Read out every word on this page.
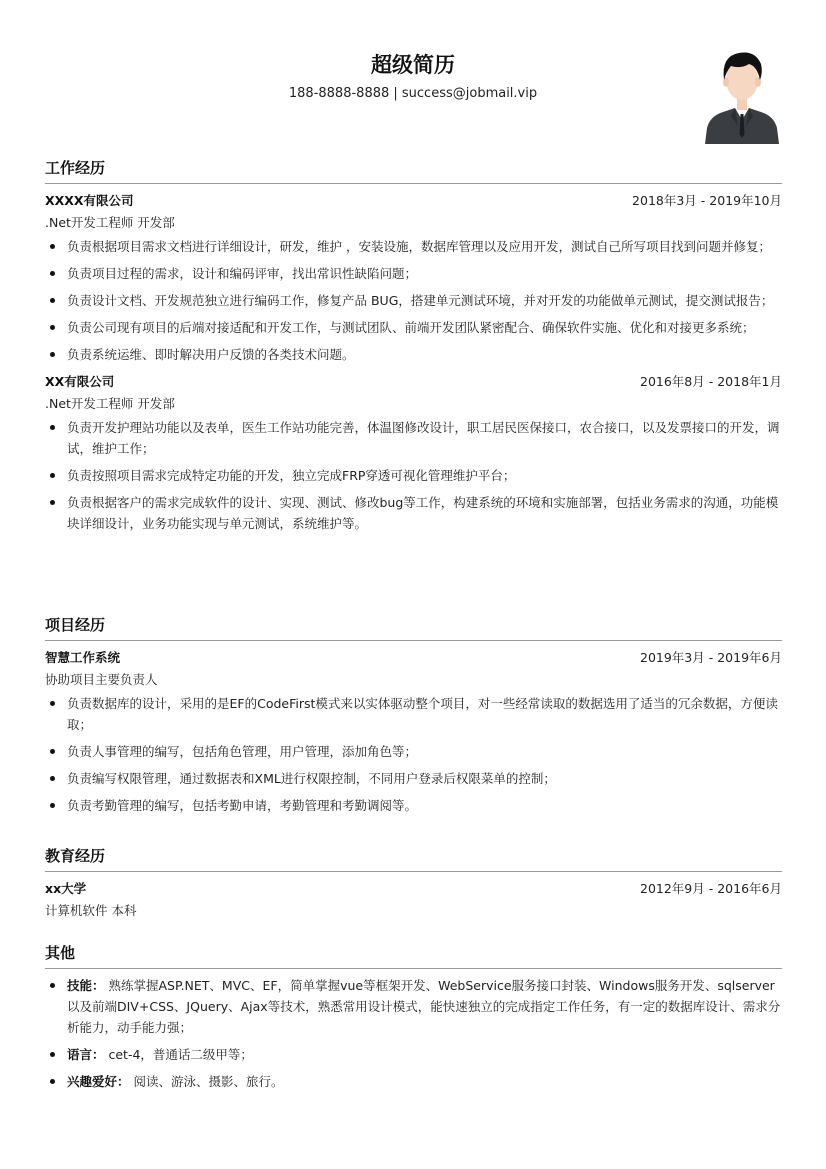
超级简历
188-8888-8888 | success@jobmail.vip
工作经历
XXXX有限公司	2018年3月 - 2019年10月
.Net开发工程师 开发部
负责根据项目需求文档进行详细设计，研发，维护 ，安装设施，数据库管理以及应用开发，测试自己所写项目找到问题并修复；
负责项目过程的需求，设计和编码评审，找出常识性缺陷问题；
负责设计文档、开发规范独立进行编码工作，修复产品 BUG，搭建单元测试环境，并对开发的功能做单元测试，提交测试报告；
负责公司现有项目的后端对接适配和开发工作，与测试团队、前端开发团队紧密配合、确保软件实施、优化和对接更多系统；
负责系统运维、即时解决用户反馈的各类技术问题。
XX有限公司	2016年8月 - 2018年1月
.Net开发工程师 开发部
负责开发护理站功能以及表单，医生工作站功能完善，体温图修改设计，职工居民医保接口，农合接口，以及发票接口的开发，调试，维护工作；
负责按照项目需求完成特定功能的开发，独立完成FRP穿透可视化管理维护平台；
负责根据客户的需求完成软件的设计、实现、测试、修改bug等工作，构建系统的环境和实施部署，包括业务需求的沟通，功能模块详细设计，业务功能实现与单元测试，系统维护等。
项目经历
智慧工作系统	2019年3月 - 2019年6月
协助项目主要负责人
负责数据库的设计，采用的是EF的CodeFirst模式来以实体驱动整个项目，对一些经常读取的数据选用了适当的冗余数据，方便读取；
负责人事管理的编写，包括角色管理，用户管理，添加角色等；
负责编写权限管理，通过数据表和XML进行权限控制，不同用户登录后权限菜单的控制；
负责考勤管理的编写，包括考勤申请，考勤管理和考勤调阅等。
教育经历
xx大学	2012年9月 - 2016年6月
计算机软件 本科
其他
技能： 熟练掌握ASP.NET、MVC、EF，简单掌握vue等框架开发、WebService服务接口封装、Windows服务开发、sqlserver以及前端DIV+CSS、JQuery、Ajax等技术，熟悉常用设计模式，能快速独立的完成指定工作任务，有一定的数据库设计、需求分析能力，动手能力强；
语言： cet-4，普通话二级甲等；
兴趣爱好： 阅读、游泳、摄影、旅行。
